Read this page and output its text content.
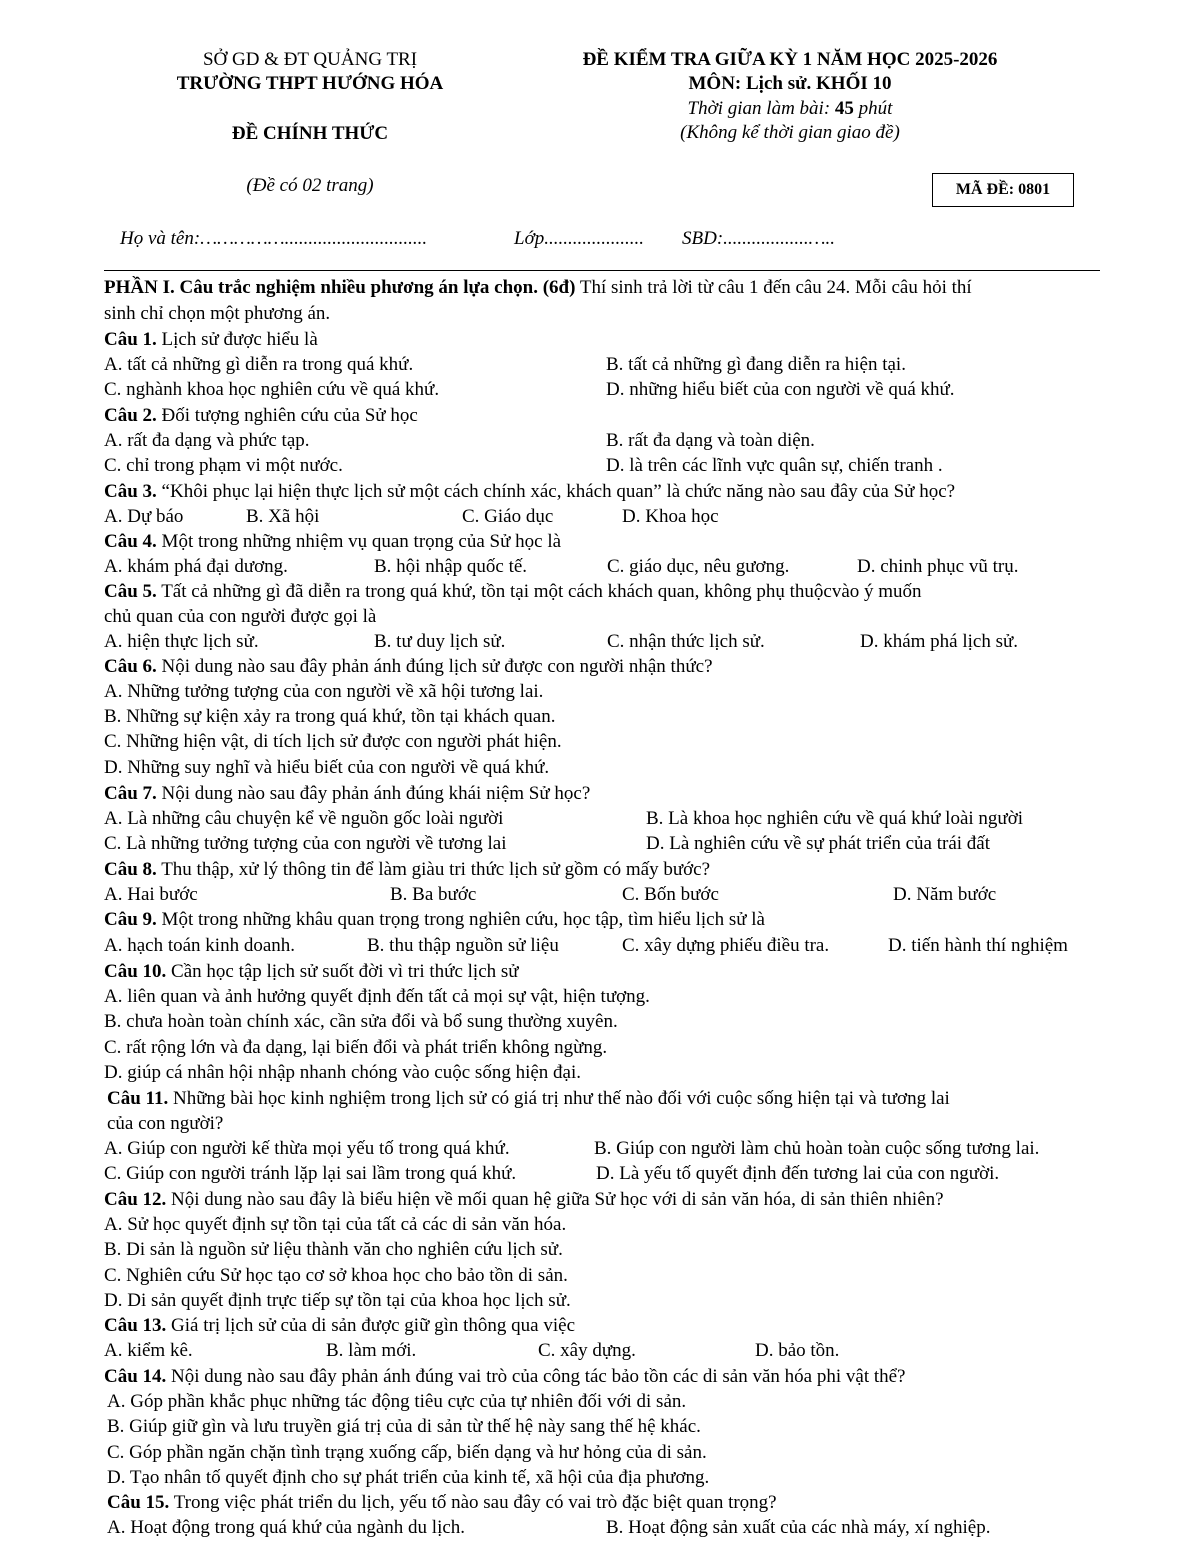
SỞ GD & ĐT QUẢNG TRỊ
TRƯỜNG THPT HƯỚNG HÓA
ĐỀ CHÍNH THỨC
(Đề có 02 trang)
ĐỀ KIỂM TRA GIỮA KỲ 1 NĂM HỌC 2025-2026
MÔN: Lịch sử. KHỐI 10
Thời gian làm bài: 45 phút
(Không kể thời gian giao đề)
MÃ ĐỀ: 0801
Họ và tên:……………..............................	Lớp..................... SBD:..................…..
PHẦN I. Câu trắc nghiệm nhiều phương án lựa chọn. (6đ) Thí sinh trả lời từ câu 1 đến câu 24. Mỗi câu hỏi thí
sinh chỉ chọn một phương án.
Câu 1. Lịch sử được hiểu là
A. tất cả những gì diễn ra trong quá khứ.	B. tất cả những gì đang diễn ra hiện tại.
C. nghành khoa học nghiên cứu về quá khứ.	D. những hiểu biết của con người về quá khứ.
Câu 2. Đối tượng nghiên cứu của Sử học
A. rất đa dạng và phức tạp.	B. rất đa dạng và toàn diện.
C. chỉ trong phạm vi một nước.	D. là trên các lĩnh vực quân sự, chiến tranh .
Câu 3. “Khôi phục lại hiện thực lịch sử một cách chính xác, khách quan” là chức năng nào sau đây của Sử học?
A. Dự báo	B. Xã hội	C. Giáo dục	D. Khoa học
Câu 4. Một trong những nhiệm vụ quan trọng của Sử học là
A. khám phá đại dương.	B. hội nhập quốc tế.	C. giáo dục, nêu gương.	D. chinh phục vũ trụ.
Câu 5. Tất cả những gì đã diễn ra trong quá khứ, tồn tại một cách khách quan, không phụ thuộcvào ý muốn
chủ quan của con người được gọi là
A. hiện thực lịch sử.	B. tư duy lịch sử.	C. nhận thức lịch sử.	D. khám phá lịch sử.
Câu 6. Nội dung nào sau đây phản ánh đúng lịch sử được con người nhận thức?
A. Những tưởng tượng của con người về xã hội tương lai.
B. Những sự kiện xảy ra trong quá khứ, tồn tại khách quan.
C. Những hiện vật, di tích lịch sử được con người phát hiện.
D. Những suy nghĩ và hiểu biết của con người về quá khứ.
Câu 7. Nội dung nào sau đây phản ánh đúng khái niệm Sử học?
A. Là những câu chuyện kể về nguồn gốc loài người	B. Là khoa học nghiên cứu về quá khứ loài người
C. Là những tưởng tượng của con người về tương lai	D. Là nghiên cứu về sự phát triển của trái đất
Câu 8. Thu thập, xử lý thông tin để làm giàu tri thức lịch sử gồm có mấy bước?
A. Hai bước	B. Ba bước	C. Bốn bước	D. Năm bước
Câu 9. Một trong những khâu quan trọng trong nghiên cứu, học tập, tìm hiểu lịch sử là
A. hạch toán kinh doanh.	B. thu thập nguồn sử liệu	C. xây dựng phiếu điều tra.	D. tiến hành thí nghiệm
Câu 10. Cần học tập lịch sử suốt đời vì tri thức lịch sử
A. liên quan và ảnh hưởng quyết định đến tất cả mọi sự vật, hiện tượng.
B. chưa hoàn toàn chính xác, cần sửa đổi và bổ sung thường xuyên.
C. rất rộng lớn và đa dạng, lại biến đổi và phát triển không ngừng.
D. giúp cá nhân hội nhập nhanh chóng vào cuộc sống hiện đại.
Câu 11. Những bài học kinh nghiệm trong lịch sử có giá trị như thế nào đối với cuộc sống hiện tại và tương lai
của con người?
A. Giúp con người kế thừa mọi yếu tố trong quá khứ.	B. Giúp con người làm chủ hoàn toàn cuộc sống tương lai.
C. Giúp con người tránh lặp lại sai lầm trong quá khứ.	D. Là yếu tố quyết định đến tương lai của con người.
Câu 12. Nội dung nào sau đây là biểu hiện về mối quan hệ giữa Sử học với di sản văn hóa, di sản thiên nhiên?
A. Sử học quyết định sự tồn tại của tất cả các di sản văn hóa.
B. Di sản là nguồn sử liệu thành văn cho nghiên cứu lịch sử.
C. Nghiên cứu Sử học tạo cơ sở khoa học cho bảo tồn di sản.
D. Di sản quyết định trực tiếp sự tồn tại của khoa học lịch sử.
Câu 13. Giá trị lịch sử của di sản được giữ gìn thông qua việc
A. kiểm kê.	B. làm mới.	C. xây dựng.	D. bảo tồn.
Câu 14. Nội dung nào sau đây phản ánh đúng vai trò của công tác bảo tồn các di sản văn hóa phi vật thể?
A. Góp phần khắc phục những tác động tiêu cực của tự nhiên đối với di sản.
B. Giúp giữ gìn và lưu truyền giá trị của di sản từ thế hệ này sang thế hệ khác.
C. Góp phần ngăn chặn tình trạng xuống cấp, biến dạng và hư hỏng của di sản.
D. Tạo nhân tố quyết định cho sự phát triển của kinh tế, xã hội của địa phương.
Câu 15. Trong việc phát triển du lịch, yếu tố nào sau đây có vai trò đặc biệt quan trọng?
A. Hoạt động trong quá khứ của ngành du lịch.	B. Hoạt động sản xuất của các nhà máy, xí nghiệp.
